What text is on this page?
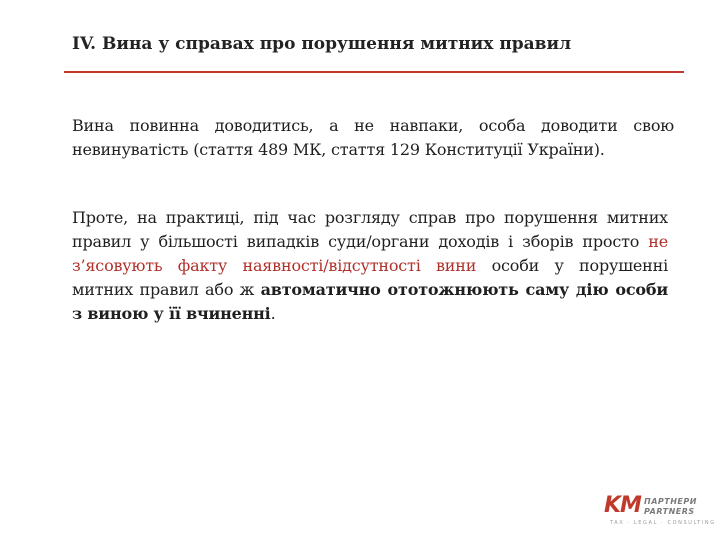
IV. Вина у справах про порушення митних правил
Вина повинна доводитись, а не навпаки, особа доводити свою невинуватість (стаття 489 МК, стаття 129 Конституції України).
Проте, на практиці, під час розгляду справ про порушення митних правил у більшості випадків суди/органи доходів і зборів просто не з’ясовують факту наявності/відсутності вини особи у порушенні митних правил або ж автоматично ототожнюють саму дію особи з виною у її вчиненні.
KM ПАРТНЕРИ
PARTNERS
TAX · LEGAL · CONSULTING
